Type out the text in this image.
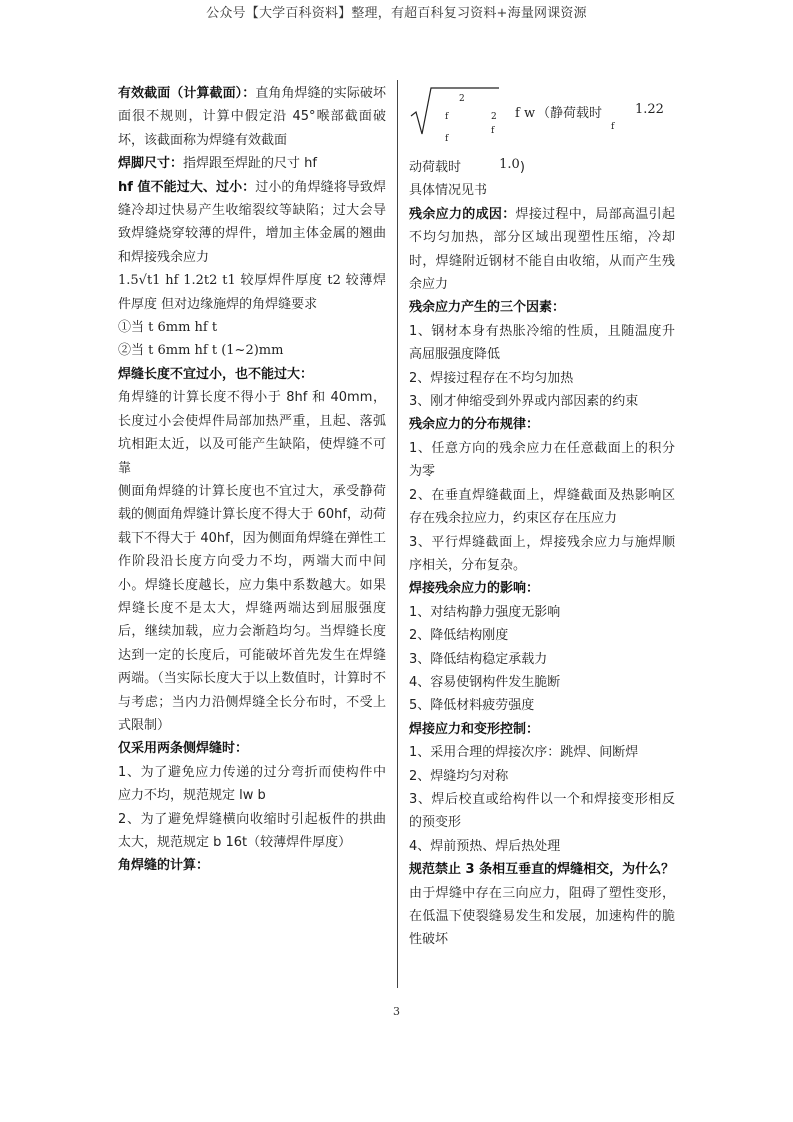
公众号【大学百科资料】整理，有超百科复习资料+海量网课资源

有效截面（计算截面）：直角角焊缝的实际破坏面很不规则，计算中假定沿 45°喉部截面破坏，该截面称为焊缝有效截面

焊脚尺寸：指焊跟至焊趾的尺寸 hf

hf 值不能过大、过小：过小的角焊缝将导致焊缝冷却过快易产生收缩裂纹等缺陷；过大会导致焊缝烧穿较薄的焊件，增加主体金属的翘曲和焊接残余应力

1.5√t1 hf 1.2t2 t1 较厚焊件厚度 t2 较薄焊件厚度 但对边缘施焊的角焊缝要求

①当 t 6mm hf t

②当 t 6mm hf t (1~2)mm

焊缝长度不宜过小，也不能过大：

角焊缝的计算长度不得小于 8hf 和 40mm，长度过小会使焊件局部加热严重，且起、落弧坑相距太近，以及可能产生缺陷，使焊缝不可靠

侧面角焊缝的计算长度也不宜过大，承受静荷载的侧面角焊缝计算长度不得大于 60hf，动荷载下不得大于 40hf，因为侧面角焊缝在弹性工作阶段沿长度方向受力不均，两端大而中间小。焊缝长度越长，应力集中系数越大。如果焊缝长度不是太大，焊缝两端达到屈服强度后，继续加载，应力会渐趋均匀。当焊缝长度达到一定的长度后，可能破坏首先发生在焊缝两端。（当实际长度大于以上数值时，计算时不与考虑；当内力沿侧焊缝全长分布时，不受上式限制）

仅采用两条侧焊缝时：

1、为了避免应力传递的过分弯折而使构件中应力不均，规范规定 lw b

2、为了避免焊缝横向收缩时引起板件的拱曲太大，规范规定 b 16t（较薄焊件厚度）

角焊缝的计算：

2
f	2
f
f
f w （静荷载时
f
1.22

动荷载时	1.0)

具体情况见书

残余应力的成因：焊接过程中，局部高温引起不均匀加热，部分区域出现塑性压缩，冷却时，焊缝附近钢材不能自由收缩，从而产生残余应力

残余应力产生的三个因素：

1、钢材本身有热胀冷缩的性质，且随温度升高屈服强度降低

2、焊接过程存在不均匀加热

3、刚才伸缩受到外界或内部因素的约束

残余应力的分布规律：

1、任意方向的残余应力在任意截面上的积分为零

2、在垂直焊缝截面上，焊缝截面及热影响区存在残余拉应力，约束区存在压应力

3、平行焊缝截面上，焊接残余应力与施焊顺序相关，分布复杂。

焊接残余应力的影响：

1、对结构静力强度无影响

2、降低结构刚度

3、降低结构稳定承载力

4、容易使钢构件发生脆断

5、降低材料疲劳强度

焊接应力和变形控制：

1、采用合理的焊接次序：跳焊、间断焊

2、焊缝均匀对称

3、焊后校直或给构件以一个和焊接变形相反的预变形

4、焊前预热、焊后热处理

规范禁止 3 条相互垂直的焊缝相交，为什么？

由于焊缝中存在三向应力，阻碍了塑性变形，在低温下使裂缝易发生和发展，加速构件的脆性破坏

3
